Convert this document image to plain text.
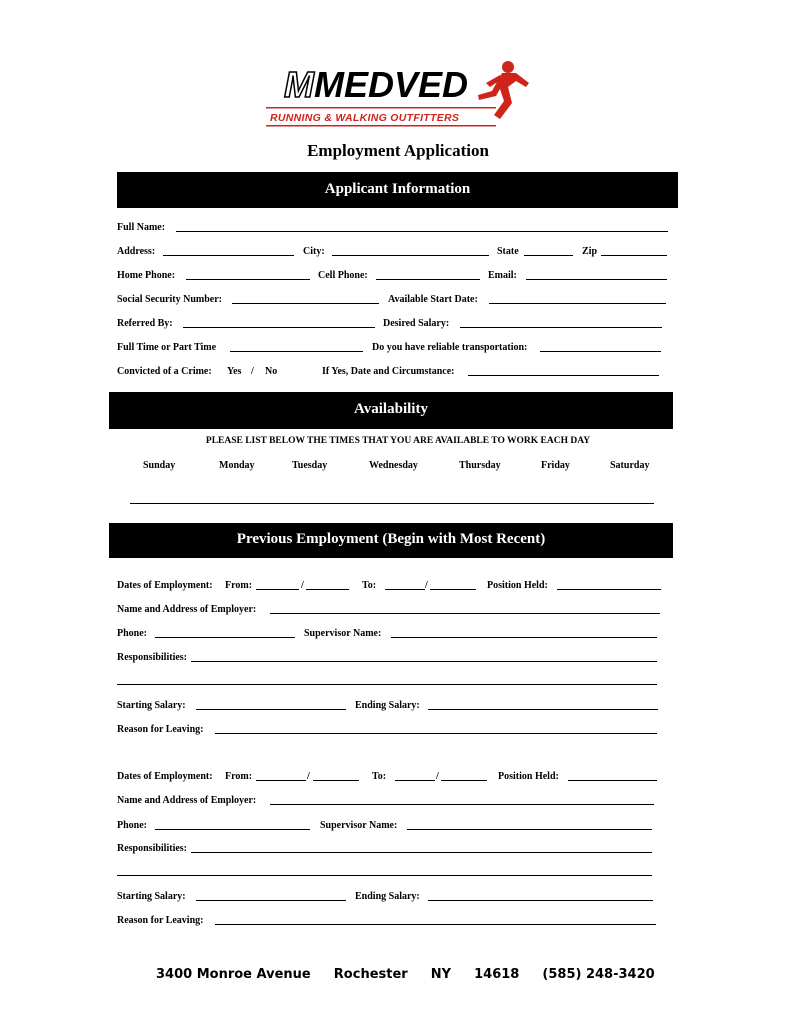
M MEDVED
RUNNING & WALKING OUTFITTERS
Employment Application
Applicant Information
Full Name:
Address:	City:	State	Zip
Home Phone:	Cell Phone:	Email:
Social Security Number:	Available Start Date:
Referred By:	Desired Salary:
Full Time or Part Time	Do you have reliable transportation:
Convicted of a Crime: Yes / No	If Yes, Date and Circumstance:
Availability
PLEASE LIST BELOW THE TIMES THAT YOU ARE AVAILABLE TO WORK EACH DAY
Sunday	Monday	Tuesday	Wednesday	Thursday	Friday	Saturday
Previous Employment (Begin with Most Recent)
Dates of Employment: From:	/	To:	/	Position Held:
Name and Address of Employer:
Phone:	Supervisor Name:
Responsibilities:
Starting Salary:	Ending Salary:
Reason for Leaving:
Dates of Employment: From:	/	To:	/	Position Held:
Name and Address of Employer:
Phone:	Supervisor Name:
Responsibilities:
Starting Salary:	Ending Salary:
Reason for Leaving:
3400 Monroe Avenue Rochester NY 14618 (585) 248-3420
